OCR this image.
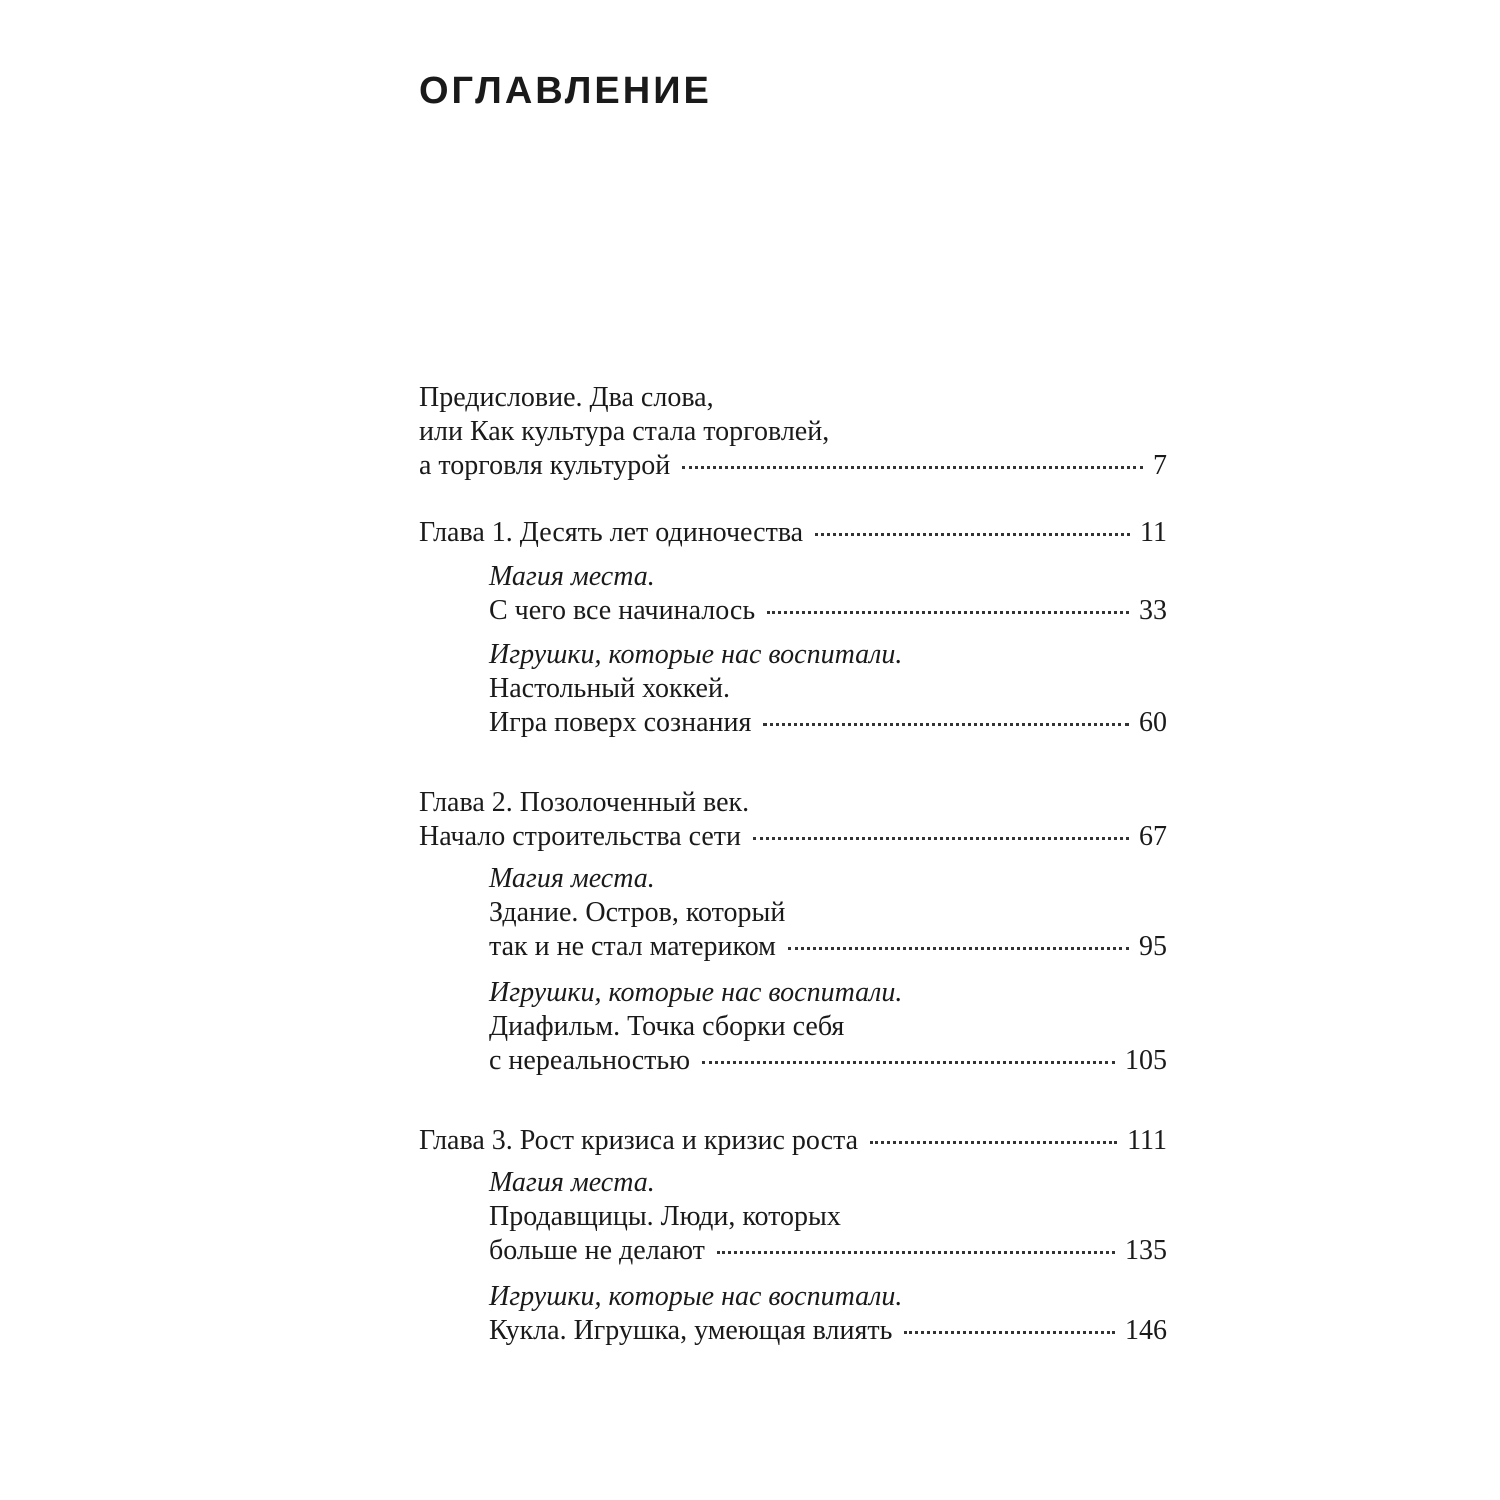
ОГЛАВЛЕНИЕ
Предисловие. Два слова,
или Как культура стала торговлей,
а торговля культурой	7
Глава 1. Десять лет одиночества	11
Магия места.
С чего все начиналось	33
Игрушки, которые нас воспитали.
Настольный хоккей.
Игра поверх сознания	60
Глава 2. Позолоченный век.
Начало строительства сети	67
Магия места.
Здание. Остров, который
так и не стал материком	95
Игрушки, которые нас воспитали.
Диафильм. Точка сборки себя
с нереальностью	105
Глава 3. Рост кризиса и кризис роста	111
Магия места.
Продавщицы. Люди, которых
больше не делают	135
Игрушки, которые нас воспитали.
Кукла. Игрушка, умеющая влиять	146
